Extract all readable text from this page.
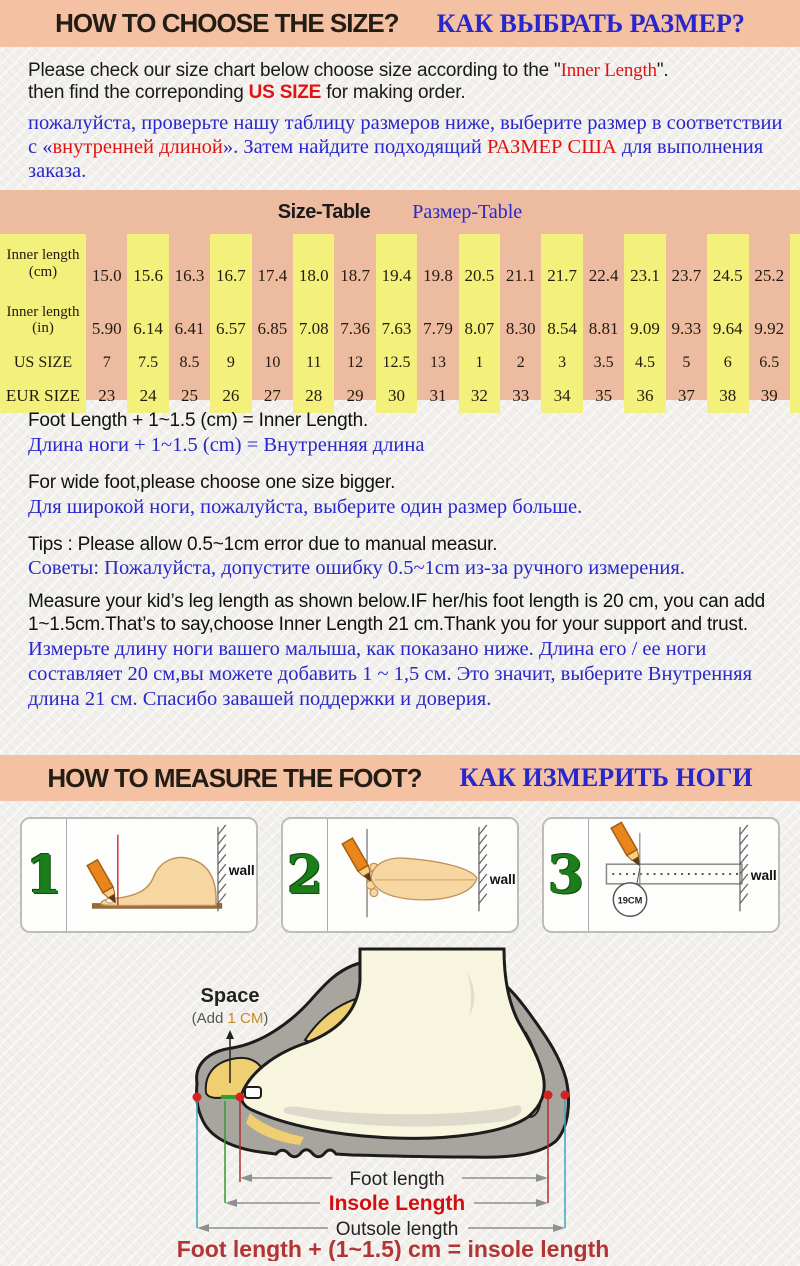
HOW TO CHOOSE THE SIZE? КАК ВЫБРАТЬ РАЗМЕР?

Please check our size chart below choose size according to the "Inner Length".
then find the correponding US SIZE for making order.

пожалуйста, проверьте нашу таблицу размеров ниже, выберите размер в соответствии с «внутренней длиной». Затем найдите подходящий РАЗМЕР США для выполнения заказа.

Size-Table Размер-Table
Inner length
(cm)	15.0	15.6	16.3	16.7	17.4	18.0	18.7	19.4	19.8	20.5	21.1	21.7	22.4	23.1	23.7	24.5	25.2	

Inner length
(in)	5.90	6.14	6.41	6.57	6.85	7.08	7.36	7.63	7.79	8.07	8.30	8.54	8.81	9.09	9.33	9.64	9.92	

US SIZE	7	7.5	8.5	9	10	11	12	12.5	13	1	2	3	3.5	4.5	5	6	6.5	

EUR SIZE	23	24	25	26	27	28	29	30	31	32	33	34	35	36	37	38	39	

Foot Length + 1~1.5 (cm) = Inner Length.

Длина ноги + 1~1.5 (cm) = Внутренняя длина

For wide foot,please choose one size bigger.

Для широкой ноги, пожалуйста, выберите один размер больше.

Tips : Please allow 0.5~1cm error due to manual measur.

Советы: Пожалуйста, допустите ошибку 0.5~1cm из-за ручного измерения.

Measure your kid’s leg length as shown below.IF her/his foot length is 20 cm, you can add 1~1.5cm.That’s to say,choose Inner Length 21 cm.Thank you for your support and trust.

Измерьте длину ноги вашего малыша, как показано ниже. Длина его / ее ноги составляет 20 см,вы можете добавить 1 ~ 1,5 см. Это значит, выберите Внутренняя длина 21 см. Спасибо завашей поддержки и доверия.

HOW TO MEASURE THE FOOT? КАК ИЗМЕРИТЬ НОГИ
1	wall 2	wall 3	19CM
wall
Space
(Add 1 CM)
Foot length
Insole Length
Outsole length
Foot length + (1~1.5) cm = insole length
